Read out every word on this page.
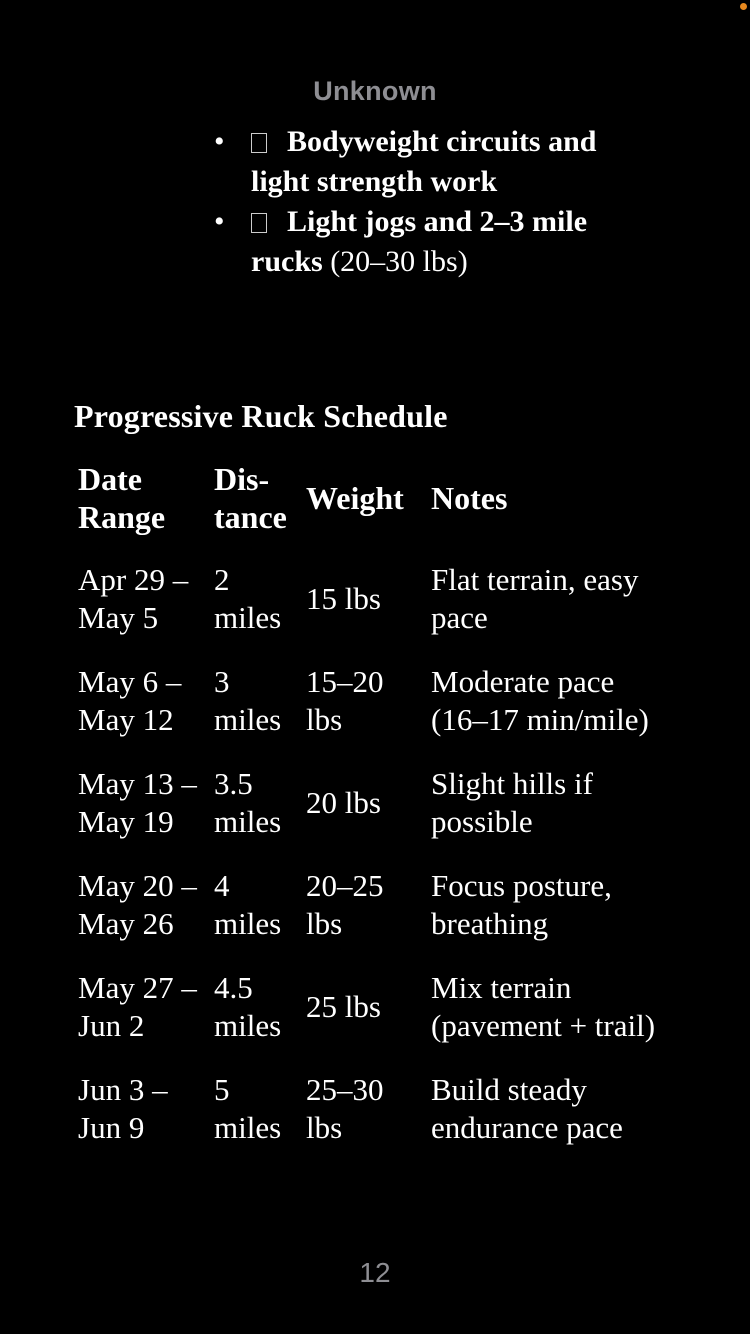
Unknown
• Bodyweight circuits and light strength work
• Light jogs and 2–3 mile rucks (20–30 lbs)
Progressive Ruck Schedule
Date Range	Dis-tance	Weight	Notes
Apr 29 – May 5	2 miles	15 lbs	Flat terrain, easy pace
May 6 – May 12	3 miles	15–20 lbs	Moderate pace (16–17 min/mile)
May 13 – May 19	3.5 miles	20 lbs	Slight hills if possible
May 20 – May 26	4 miles	20–25 lbs	Focus posture, breathing
May 27 – Jun 2	4.5 miles	25 lbs	Mix terrain (pavement + trail)
Jun 3 – Jun 9	5 miles	25–30 lbs	Build steady endurance pace
12
